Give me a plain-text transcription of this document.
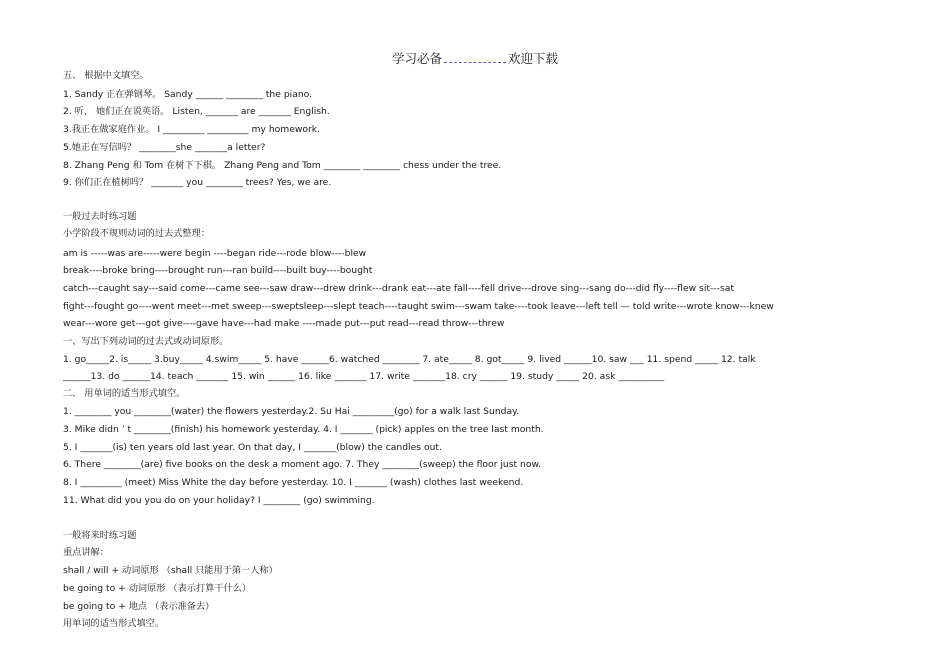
学习必备	欢迎下载
五、 根据中文填空。
1. Sandy 正在弹钢琴。 Sandy ______ ________ the piano.
2. 听， 她们正在说英语。 Listen, _______ are _______ English.
3.我正在做家庭作业。 I _________ _________ my homework.
5.她正在写信吗？ ________she _______a letter?
8. Zhang Peng 和 Tom 在树下下棋。 Zhang Peng and Tom ________ ________ chess under the tree.
9. 你们正在植树吗？ _______ you ________ trees? Yes, we are.
一般过去时练习题
小学阶段不规则动词的过去式整理：
am is -----was are-----were begin ----began ride---rode blow----blew
break----broke bring----brought run---ran build----built buy----bought
catch---caught say---said come---came see---saw draw---drew drink---drank eat---ate fall----fell drive---drove sing---sang do---did fly----flew sit---sat
fight---fought go----went meet---met sweep---sweptsleep---slept teach----taught swim---swam take----took leave---left tell — told write---wrote know---knew
wear---wore get---got give----gave have---had make ----made put---put read---read throw---threw
一、写出下列动词的过去式或动词原形。
1. go_____2. is_____ 3.buy_____ 4.swim_____ 5. have ______6. watched ________ 7. ate_____ 8. got_____ 9. lived ______10. saw ___ 11. spend _____ 12. talk
______13. do ______14. teach _______ 15. win ______ 16. like _______ 17. write _______18. cry ______ 19. study _____ 20. ask __________
二、 用单词的适当形式填空。
1. ________ you ________(water) the flowers yesterday.2. Su Hai _________(go) for a walk last Sunday.
3. Mike didn ’ t ________(finish) his homework yesterday. 4. I _______ (pick) apples on the tree last month.
5. I _______(is) ten years old last year. On that day, I _______(blow) the candles out.
6. There ________(are) five books on the desk a moment ago. 7. They ________(sweep) the floor just now.
8. I _________ (meet) Miss White the day before yesterday. 10. I _______ (wash) clothes last weekend.
11. What did you you do on your holiday? I ________ (go) swimming.
一般将来时练习题
重点讲解：
shall / will + 动词原形 （shall 只能用于第一人称）
be going to + 动词原形 （表示打算干什么）
be going to + 地点 （表示准备去）
用单词的适当形式填空。
